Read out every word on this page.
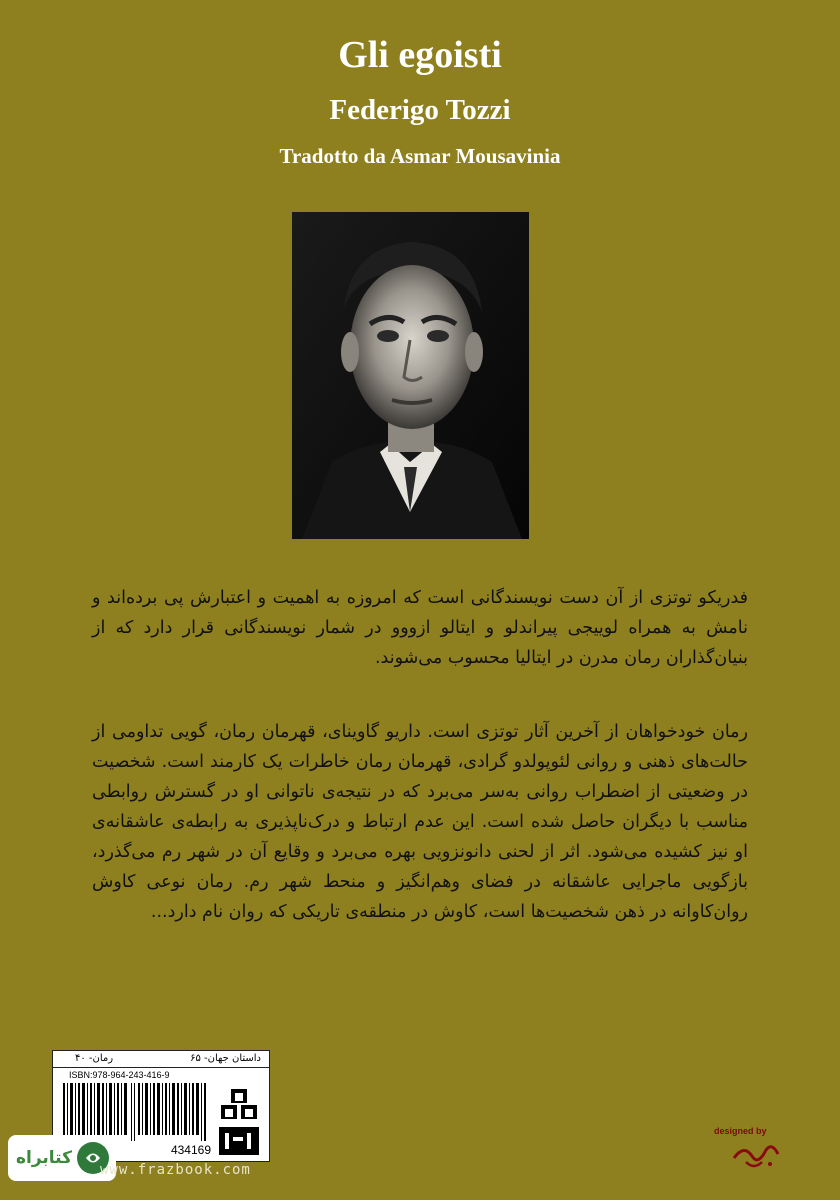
Gli egoisti
Federigo Tozzi
Tradotto da Asmar Mousavinia
فدریکو توتزی از آن دست نویسندگانی است که امروزه به اهمیت و اعتبارش پی برده‌اند و نامش به همراه لوییجی پیراندلو و ایتالو ازووو در شمار نویسندگانی قرار دارد که از بنیان‌گذاران رمان مدرن در ایتالیا محسوب می‌شوند.
رمان خودخواهان از آخرین آثار توتزی است. داریو گاوینای، قهرمان رمان، گویی تداومی از حالت‌های ذهنی و روانی لئوپولدو گرادی، قهرمان رمان خاطرات یک کارمند است. شخصیت در وضعیتی از اضطراب روانی به‌سر می‌برد که در نتیجه‌ی ناتوانی او در گسترش روابطی مناسب با دیگران حاصل شده است. این عدم ارتباط و درک‌ناپذیری به رابطه‌ی عاشقانه‌ی او نیز کشیده می‌شود. اثر از لحنی دانونزویی بهره می‌برد و وقایع آن در شهر رم می‌گذرد، بازگویی ماجرایی عاشقانه در فضای وهم‌انگیز و منحط شهر رم. رمان نوعی کاوش روان‌کاوانه در ذهن شخصیت‌ها است، کاوش در منطقه‌ی تاریکی که روان نام دارد...
داستان جهان- ۶۵
رمان- ۴۰
ISBN:978-964-243-416-9
434169
کتابراه
www.frazbook.com
designed by
